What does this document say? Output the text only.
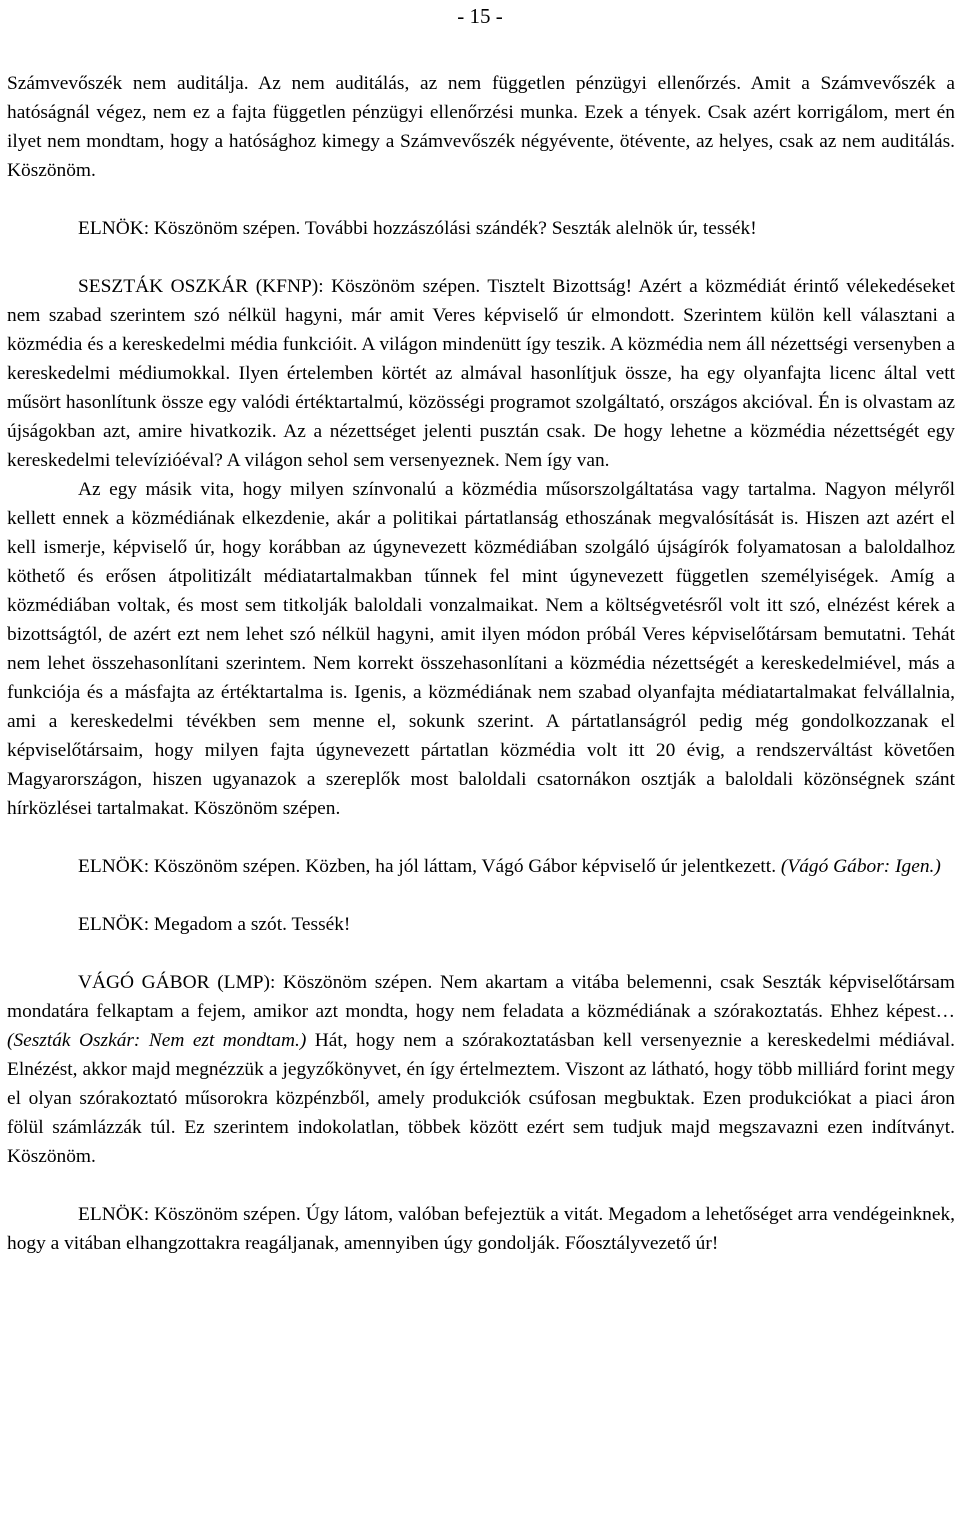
- 15 -

Számvevőszék nem auditálja. Az nem auditálás, az nem független pénzügyi ellenőrzés. Amit a Számvevőszék a hatóságnál végez, nem ez a fajta független pénzügyi ellenőrzési munka. Ezek a tények. Csak azért korrigálom, mert én ilyet nem mondtam, hogy a hatósághoz kimegy a Számvevőszék négyévente, ötévente, az helyes, csak az nem auditálás. Köszönöm.

ELNÖK: Köszönöm szépen. További hozzászólási szándék? Seszták alelnök úr, tessék!

SESZTÁK OSZKÁR (KFNP): Köszönöm szépen. Tisztelt Bizottság! Azért a közmédiát érintő vélekedéseket nem szabad szerintem szó nélkül hagyni, már amit Veres képviselő úr elmondott. Szerintem külön kell választani a közmédia és a kereskedelmi média funkcióit. A világon mindenütt így teszik. A közmédia nem áll nézettségi versenyben a kereskedelmi médiumokkal. Ilyen értelemben körtét az almával hasonlítjuk össze, ha egy olyanfajta licenc által vett műsört hasonlítunk össze egy valódi értéktartalmú, közösségi programot szolgáltató, országos akcióval. Én is olvastam az újságokban azt, amire hivatkozik. Az a nézettséget jelenti pusztán csak. De hogy lehetne a közmédia nézettségét egy kereskedelmi televízióéval? A világon sehol sem versenyeznek. Nem így van.

Az egy másik vita, hogy milyen színvonalú a közmédia műsorszolgáltatása vagy tartalma. Nagyon mélyről kellett ennek a közmédiának elkezdenie, akár a politikai pártatlanság ethoszának megvalósítását is. Hiszen azt azért el kell ismerje, képviselő úr, hogy korábban az úgynevezett közmédiában szolgáló újságírók folyamatosan a baloldalhoz köthető és erősen átpolitizált médiatartalmakban tűnnek fel mint úgynevezett független személyiségek. Amíg a közmédiában voltak, és most sem titkolják baloldali vonzalmaikat. Nem a költségvetésről volt itt szó, elnézést kérek a bizottságtól, de azért ezt nem lehet szó nélkül hagyni, amit ilyen módon próbál Veres képviselőtársam bemutatni. Tehát nem lehet összehasonlítani szerintem. Nem korrekt összehasonlítani a közmédia nézettségét a kereskedelmiével, más a funkciója és a másfajta az értéktartalma is. Igenis, a közmédiának nem szabad olyanfajta médiatartalmakat felvállalnia, ami a kereskedelmi tévékben sem menne el, sokunk szerint. A pártatlanságról pedig még gondolkozzanak el képviselőtársaim, hogy milyen fajta úgynevezett pártatlan közmédia volt itt 20 évig, a rendszerváltást követően Magyarországon, hiszen ugyanazok a szereplők most baloldali csatornákon osztják a baloldali közönségnek szánt hírközlései tartalmakat. Köszönöm szépen.

ELNÖK: Köszönöm szépen. Közben, ha jól láttam, Vágó Gábor képviselő úr jelentkezett. (Vágó Gábor: Igen.)

ELNÖK: Megadom a szót. Tessék!

VÁGÓ GÁBOR (LMP): Köszönöm szépen. Nem akartam a vitába belemenni, csak Seszták képviselőtársam mondatára felkaptam a fejem, amikor azt mondta, hogy nem feladata a közmédiának a szórakoztatás. Ehhez képest… (Seszták Oszkár: Nem ezt mondtam.) Hát, hogy nem a szórakoztatásban kell versenyeznie a kereskedelmi médiával. Elnézést, akkor majd megnézzük a jegyzőkönyvet, én így értelmeztem. Viszont az látható, hogy több milliárd forint megy el olyan szórakoztató műsorokra közpénzből, amely produkciók csúfosan megbuktak. Ezen produkciókat a piaci áron fölül számlázzák túl. Ez szerintem indokolatlan, többek között ezért sem tudjuk majd megszavazni ezen indítványt. Köszönöm.

ELNÖK: Köszönöm szépen. Úgy látom, valóban befejeztük a vitát. Megadom a lehetőséget arra vendégeinknek, hogy a vitában elhangzottakra reagáljanak, amennyiben úgy gondolják. Főosztályvezető úr!
